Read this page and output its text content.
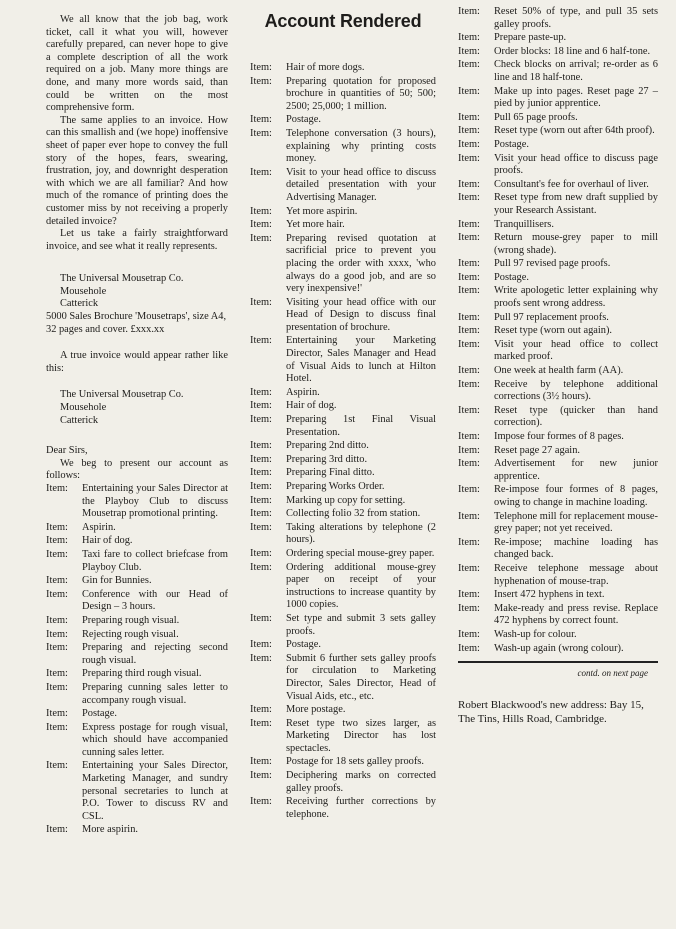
We all know that the job bag, work ticket, call it what you will, however carefully prepared, can never hope to give a complete description of all the work required on a job. Many more things are done, and many more words said, than could be written on the most comprehensive form.

The same applies to an invoice. How can this smallish and (we hope) inoffensive sheet of paper ever hope to convey the full story of the hopes, fears, swearing, frustration, joy, and downright desperation with which we are all familiar? And how much of the romance of printing does the customer miss by not receiving a properly detailed invoice?

Let us take a fairly straightforward invoice, and see what it really represents.

The Universal Mousetrap Co.
Mousehole
Catterick
5000 Sales Brochure 'Mousetraps', size A4, 32 pages and cover. £xxx.xx

A true invoice would appear rather like this:

The Universal Mousetrap Co.
Mousehole
Catterick
Dear Sirs,

We beg to present our account as follows:

Item:	Entertaining your Sales Director at the Playboy Club to discuss Mousetrap promotional printing.
Item:	Aspirin.
Item:	Hair of dog.
Item:	Taxi fare to collect briefcase from Playboy Club.
Item:	Gin for Bunnies.
Item:	Conference with our Head of Design – 3 hours.
Item:	Preparing rough visual.
Item:	Rejecting rough visual.
Item:	Preparing and rejecting second rough visual.
Item:	Preparing third rough visual.
Item:	Preparing cunning sales letter to accompany rough visual.
Item:	Postage.
Item:	Express postage for rough visual, which should have accompanied cunning sales letter.
Item:	Entertaining your Sales Director, Marketing Manager, and sundry personal secretaries to lunch at P.O. Tower to discuss RV and CSL.
Item:	More aspirin.
Account Rendered
Item:	Hair of more dogs.
Item:	Preparing quotation for proposed brochure in quantities of 50; 500; 2500; 25,000; 1 million.
Item:	Postage.
Item:	Telephone conversation (3 hours), explaining why printing costs money.
Item:	Visit to your head office to discuss detailed presentation with your Advertising Manager.
Item:	Yet more aspirin.
Item:	Yet more hair.
Item:	Preparing revised quotation at sacrificial price to prevent you placing the order with xxxx, 'who always do a good job, and are so very inexpensive!'
Item:	Visiting your head office with our Head of Design to discuss final presentation of brochure.
Item:	Entertaining your Marketing Director, Sales Manager and Head of Visual Aids to lunch at Hilton Hotel.
Item:	Aspirin.
Item:	Hair of dog.
Item:	Preparing 1st Final Visual Presentation.
Item:	Preparing 2nd ditto.
Item:	Preparing 3rd ditto.
Item:	Preparing Final ditto.
Item:	Preparing Works Order.
Item:	Marking up copy for setting.
Item:	Collecting folio 32 from station.
Item:	Taking alterations by telephone (2 hours).
Item:	Ordering special mouse-grey paper.
Item:	Ordering additional mouse-grey paper on receipt of your instructions to increase quantity by 1000 copies.
Item:	Set type and submit 3 sets galley proofs.
Item:	Postage.
Item:	Submit 6 further sets galley proofs for circulation to Marketing Director, Sales Director, Head of Visual Aids, etc., etc.
Item:	More postage.
Item:	Reset type two sizes larger, as Marketing Director has lost spectacles.
Item:	Postage for 18 sets galley proofs.
Item:	Deciphering marks on corrected galley proofs.
Item:	Receiving further corrections by telephone.
Item:	Reset 50% of type, and pull 35 sets galley proofs.
Item:	Prepare paste-up.
Item:	Order blocks: 18 line and 6 half-tone.
Item:	Check blocks on arrival; re-order as 6 line and 18 half-tone.
Item:	Make up into pages. Reset page 27 – pied by junior apprentice.
Item:	Pull 65 page proofs.
Item:	Reset type (worn out after 64th proof).
Item:	Postage.
Item:	Visit your head office to discuss page proofs.
Item:	Consultant's fee for overhaul of liver.
Item:	Reset type from new draft supplied by your Research Assistant.
Item:	Tranquillisers.
Item:	Return mouse-grey paper to mill (wrong shade).
Item:	Pull 97 revised page proofs.
Item:	Postage.
Item:	Write apologetic letter explaining why proofs sent wrong address.
Item:	Pull 97 replacement proofs.
Item:	Reset type (worn out again).
Item:	Visit your head office to collect marked proof.
Item:	One week at health farm (AA).
Item:	Receive by telephone additional corrections (3½ hours).
Item:	Reset type (quicker than hand correction).
Item:	Impose four formes of 8 pages.
Item:	Reset page 27 again.
Item:	Advertisement for new junior apprentice.
Item:	Re-impose four formes of 8 pages, owing to change in machine loading.
Item:	Telephone mill for replacement mouse-grey paper; not yet received.
Item:	Re-impose; machine loading has changed back.
Item:	Receive telephone message about hyphenation of mouse-trap.
Item:	Insert 472 hyphens in text.
Item:	Make-ready and press revise. Replace 472 hyphens by correct fount.
Item:	Wash-up for colour.
Item:	Wash-up again (wrong colour).
contd. on next page
Robert Blackwood's new address: Bay 15, The Tins, Hills Road, Cambridge.
